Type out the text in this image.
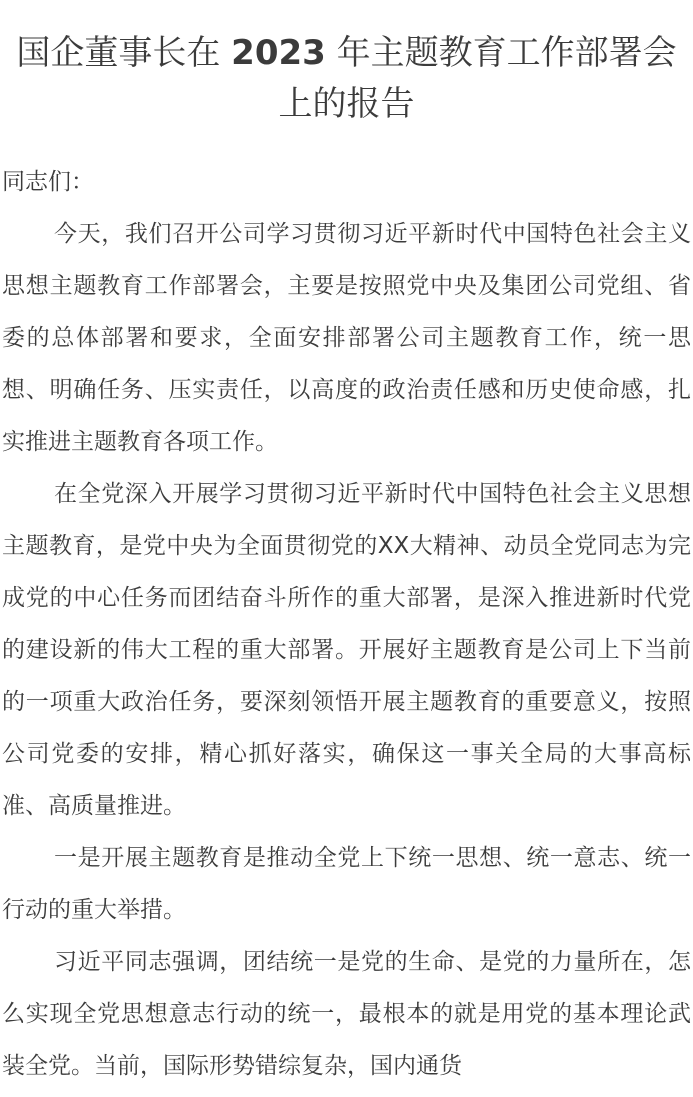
国企董事长在 2023 年主题教育工作部署会上的报告

同志们：

今天，我们召开公司学习贯彻习近平新时代中国特色社会主义思想主题教育工作部署会，主要是按照党中央及集团公司党组、省委的总体部署和要求，全面安排部署公司主题教育工作，统一思想、明确任务、压实责任，以高度的政治责任感和历史使命感，扎实推进主题教育各项工作。

在全党深入开展学习贯彻习近平新时代中国特色社会主义思想主题教育，是党中央为全面贯彻党的XX大精神、动员全党同志为完成党的中心任务而团结奋斗所作的重大部署，是深入推进新时代党的建设新的伟大工程的重大部署。开展好主题教育是公司上下当前的一项重大政治任务，要深刻领悟开展主题教育的重要意义，按照公司党委的安排，精心抓好落实，确保这一事关全局的大事高标准、高质量推进。

一是开展主题教育是推动全党上下统一思想、统一意志、统一行动的重大举措。

习近平同志强调，团结统一是党的生命、是党的力量所在，怎么实现全党思想意志行动的统一，最根本的就是用党的基本理论武装全党。当前，国际形势错综复杂，国内通货
